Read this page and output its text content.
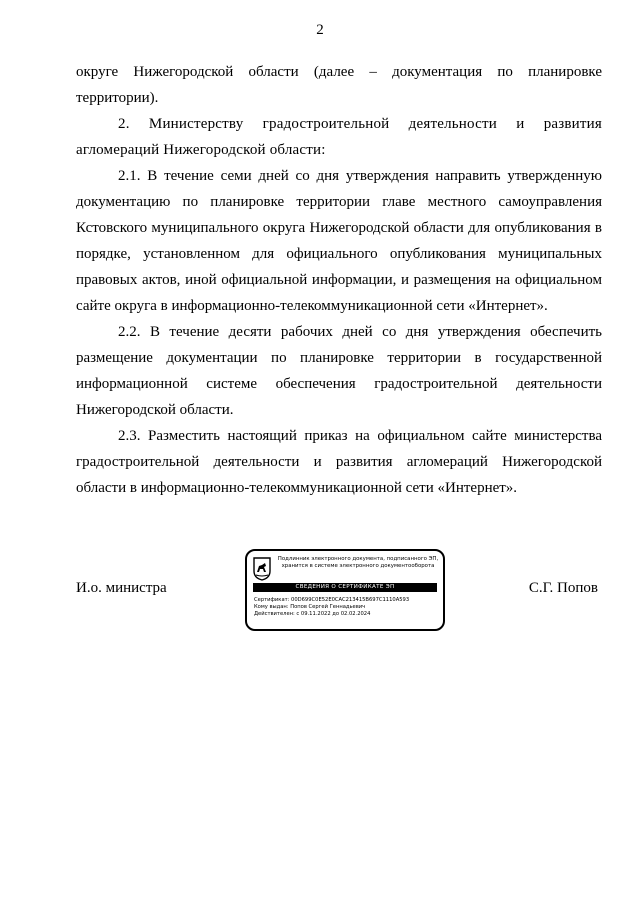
2

округе Нижегородской области (далее – документация по планировке территории).

2. Министерству градостроительной деятельности и развития агломераций Нижегородской области:

2.1. В течение семи дней со дня утверждения направить утвержденную документацию по планировке территории главе местного самоуправления Кстовского муниципального округа Нижегородской области для опубликования в порядке, установленном для официального опубликования муниципальных правовых актов, иной официальной информации, и размещения на официальном сайте округа в информационно-телекоммуникационной сети «Интернет».

2.2. В течение десяти рабочих дней со дня утверждения обеспечить размещение документации по планировке территории в государственной информационной системе обеспечения градостроительной деятельности Нижегородской области.

2.3. Разместить настоящий приказ на официальном сайте министерства градостроительной деятельности и развития агломераций Нижегородской области в информационно-телекоммуникационной сети «Интернет».

И.о. министра	С.Г. Попов
Подлинник электронного документа, подписанного ЭП,
хранится в системе электронного документооборота
СВЕДЕНИЯ О СЕРТИФИКАТЕ ЭП
Сертификат: 00D699C0E52E0CAC213415B697C1110A593
Кому выдан: Попов Сергей Геннадьевич
Действителен: с 09.11.2022 до 02.02.2024
